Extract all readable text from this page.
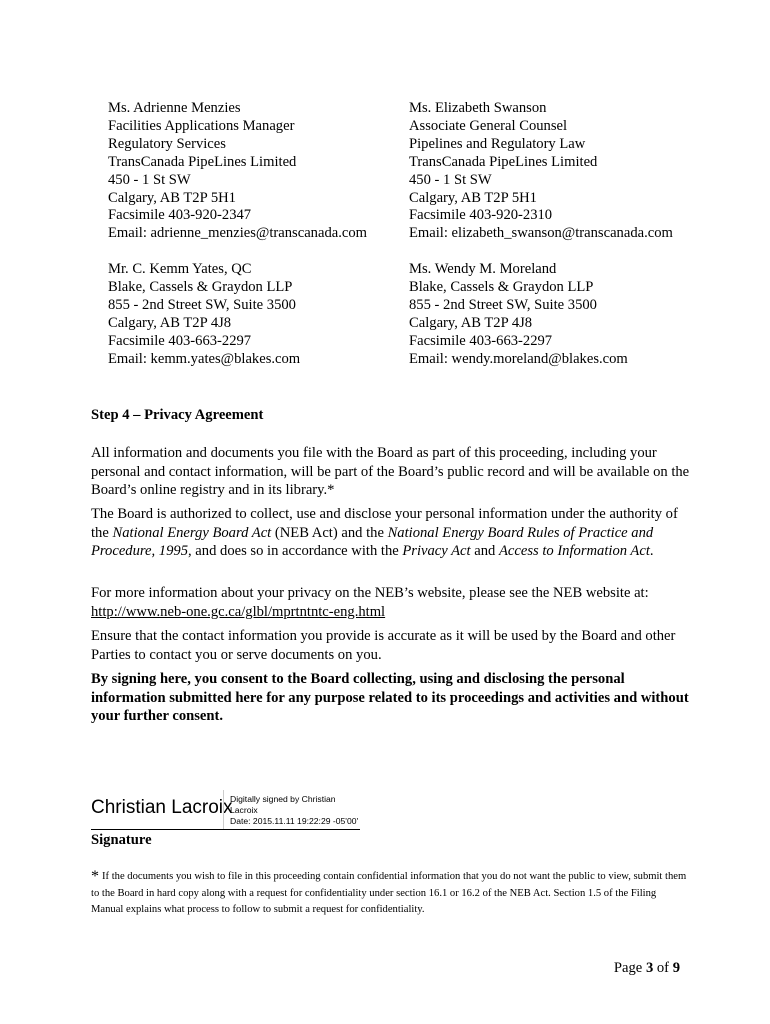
Ms. Adrienne Menzies
Facilities Applications Manager
Regulatory Services
TransCanada PipeLines Limited
450 - 1 St SW
Calgary, AB T2P 5H1
Facsimile 403-920-2347
Email: adrienne_menzies@transcanada.com
Ms. Elizabeth Swanson
Associate General Counsel
Pipelines and Regulatory Law
TransCanada PipeLines Limited
450 - 1 St SW
Calgary, AB T2P 5H1
Facsimile 403-920-2310
Email: elizabeth_swanson@transcanada.com
Mr. C. Kemm Yates, QC
Blake, Cassels & Graydon LLP
855 - 2nd Street SW, Suite 3500
Calgary, AB T2P 4J8
Facsimile 403-663-2297
Email: kemm.yates@blakes.com
Ms. Wendy M. Moreland
Blake, Cassels & Graydon LLP
855 - 2nd Street SW, Suite 3500
Calgary, AB T2P 4J8
Facsimile 403-663-2297
Email: wendy.moreland@blakes.com
Step 4 – Privacy Agreement
All information and documents you file with the Board as part of this proceeding, including your personal and contact information, will be part of the Board’s public record and will be available on the Board’s online registry and in its library.*
The Board is authorized to collect, use and disclose your personal information under the authority of the National Energy Board Act (NEB Act) and the National Energy Board Rules of Practice and Procedure, 1995, and does so in accordance with the Privacy Act and Access to Information Act.
For more information about your privacy on the NEB’s website, please see the NEB website at:
http://www.neb-one.gc.ca/glbl/mprtntntc-eng.html
Ensure that the contact information you provide is accurate as it will be used by the Board and other Parties to contact you or serve documents on you.
By signing here, you consent to the Board collecting, using and disclosing the personal information submitted here for any purpose related to its proceedings and activities and without your further consent.
Christian Lacroix
Digitally signed by Christian
Lacroix
Date: 2015.11.11 19:22:29 -05'00'
Signature
* If the documents you wish to file in this proceeding contain confidential information that you do not want the public to view, submit them to the Board in hard copy along with a request for confidentiality under section 16.1 or 16.2 of the NEB Act. Section 1.5 of the Filing Manual explains what process to follow to submit a request for confidentiality.
Page 3 of 9
